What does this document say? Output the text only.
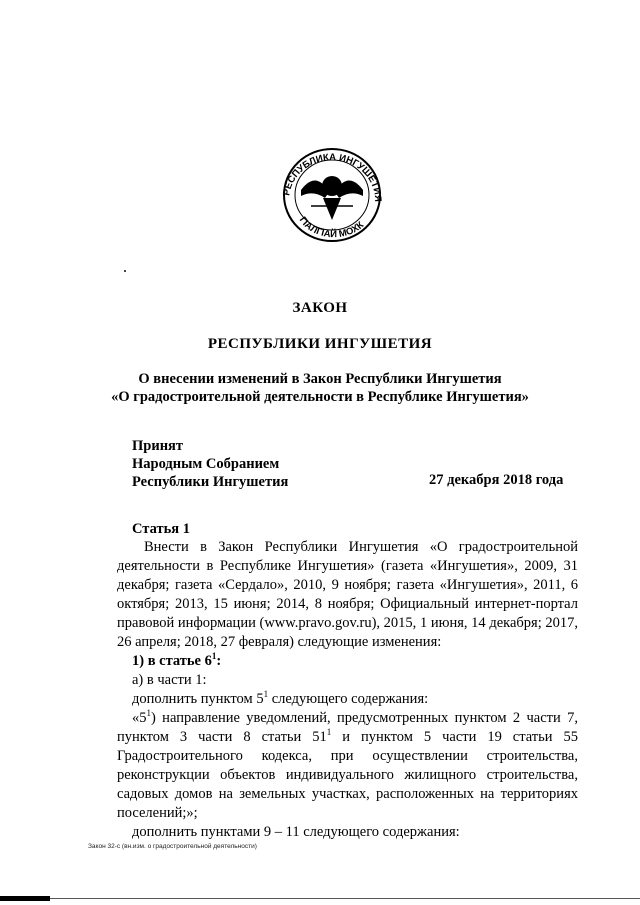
РЕСПУБЛИКА ИНГУШЕТИЯ
ГIАЛГIАЙ МОХК
ЗАКОН
РЕСПУБЛИКИ ИНГУШЕТИЯ
О внесении изменений в Закон Республики Ингушетия
«О градостроительной деятельности в Республике Ингушетия»
Принят
Народным Собранием
Республики Ингушетия	27 декабря 2018 года
Статья 1
Внести в Закон Республики Ингушетия «О градостроительной
деятельности в Республике Ингушетия» (газета «Ингушетия», 2009, 31
декабря; газета «Сердало», 2010, 9 ноября; газета «Ингушетия», 2011, 6
октября; 2013, 15 июня; 2014, 8 ноября; Официальный интернет-портал
правовой информации (www.pravo.gov.ru), 2015, 1 июня, 14 декабря; 2017,
26 апреля; 2018, 27 февраля) следующие изменения:
1) в статье $6^1$:
а) в части 1:
дополнить пунктом $5^1$ следующего содержания:
«$5^1$) направление уведомлений, предусмотренных пунктом 2 части 7,
пунктом 3 части 8 статьи $51^1$ и пунктом 5 части 19 статьи 55
Градостроительного кодекса, при осуществлении строительства,
реконструкции объектов индивидуального жилищного строительства,
садовых домов на земельных участках, расположенных на территориях
поселений;»;
дополнить пунктами 9 – 11 следующего содержания:
Закон 32-с (вн.изм. о градостроительной деятельности)
